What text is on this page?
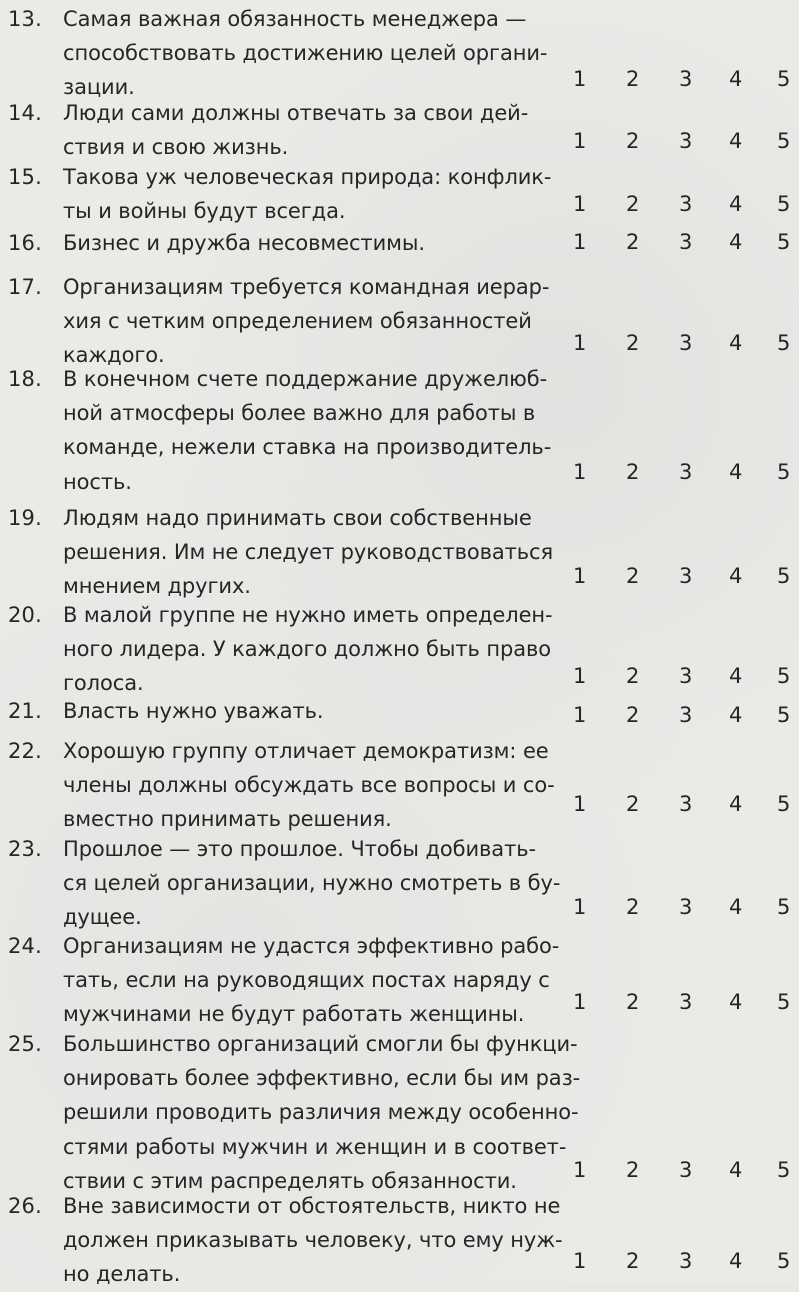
13. Самая важная обязанность менеджера —
способствовать достижению целей органи-
зации.	1 2 3 4 5
14. Люди сами должны отвечать за свои дей-
ствия и свою жизнь.	1 2 3 4 5
15. Такова уж человеческая природа: конфлик-
ты и войны будут всегда.	1 2 3 4 5
16. Бизнес и дружба несовместимы.	1 2 3 4 5
17. Организациям требуется командная иерар-
хия с четким определением обязанностей
каждого.
1 2 3 4 5
18. В конечном счете поддержание дружелюб-
ной атмосферы более важно для работы в
команде, нежели ставка на производитель-
ность.	1 2 3 4 5
19. Людям надо принимать свои собственные
решения. Им не следует руководствоваться
мнением других.	1 2 3 4 5
20. В малой группе не нужно иметь определен-
ного лидера. У каждого должно быть право
голоса.	1 2 3 4 5
21. Власть нужно уважать.	1 2 3 4 5
22. Хорошую группу отличает демократизм: ее
члены должны обсуждать все вопросы и со-
вместно принимать решения.
1 2 3 4 5
23. Прошлое — это прошлое. Чтобы добивать-
ся целей организации, нужно смотреть в бу-
дущее.	1 2 3 4 5
24. Организациям не удастся эффективно рабо-
тать, если на руководящих постах наряду с
мужчинами не будут работать женщины.
1 2 3 4 5
25. Большинство организаций смогли бы функци-
онировать более эффективно, если бы им раз-
решили проводить различия между особенно-
стями работы мужчин и женщин и в соответ-
ствии с этим распределять обязанности.	1 2 3 4 5
26. Вне зависимости от обстоятельств, никто не
должен приказывать человеку, что ему нуж-
но делать.
1 2 3 4 5
